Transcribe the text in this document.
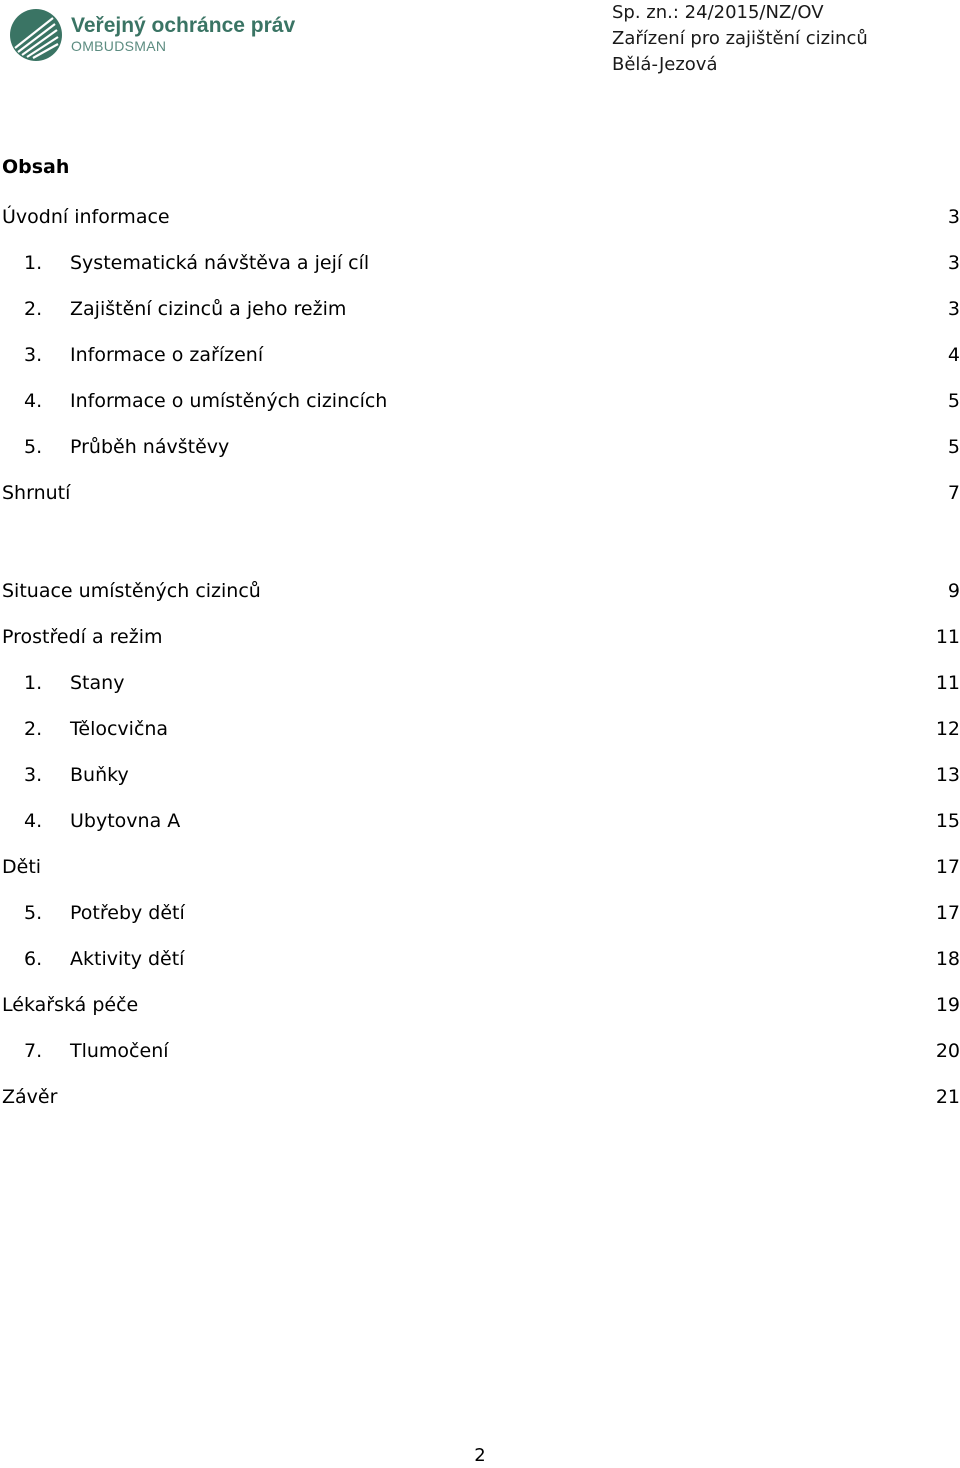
Veřejný ochránce práv
OMBUDSMAN
Sp. zn.: 24/2015/NZ/OV
Zařízení pro zajištění cizinců
Bělá-Jezová
Obsah
Úvodní informace	3
1. Systematická návštěva a její cíl	3
2. Zajištění cizinců a jeho režim	3
3. Informace o zařízení	4
4. Informace o umístěných cizincích	5
5. Průběh návštěvy	5
Shrnutí	7
Situace umístěných cizinců	9
Prostředí a režim	11
1. Stany	11
2. Tělocvična	12
3. Buňky	13
4. Ubytovna A	15
Děti	17
5. Potřeby dětí	17
6. Aktivity dětí	18
Lékařská péče	19
7. Tlumočení	20
Závěr	21
2
